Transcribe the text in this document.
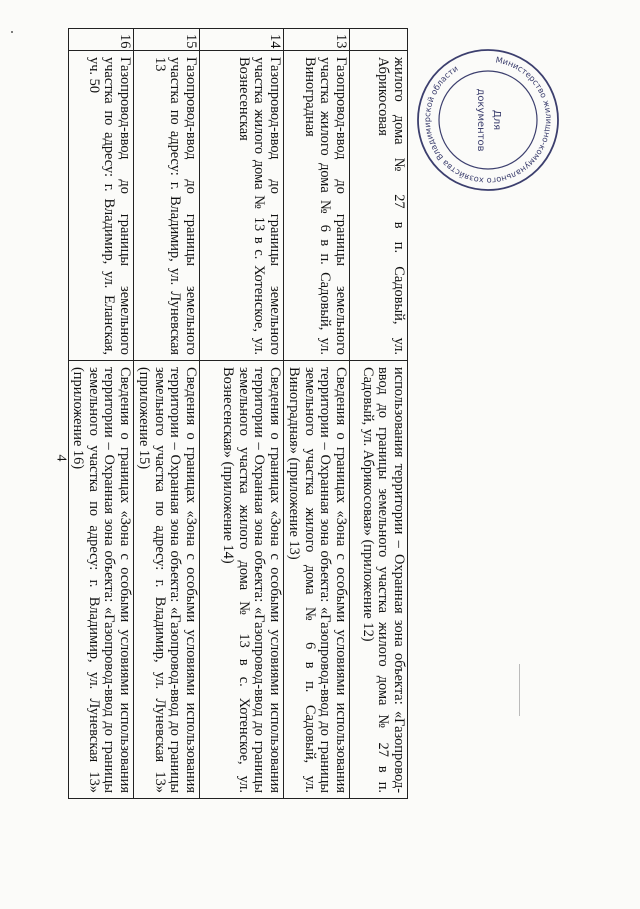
	жилого дома № 27 в п. Садовый, ул. Абрикосовая	использования территории – Охранная зона объекта: «Газопровод-ввод до границы земельного участка жилого дома № 27 в п. Садовый, ул. Абрикосовая» (приложение 12)
13	Газопровод-ввод до границы земельного участка жилого дома № 6 в п. Садовый, ул. Виноградная	Сведения о границах «Зона с особыми условиями использования территории – Охранная зона объекта: «Газопровод-ввод до границы земельного участка жилого дома № 6 в п. Садовый, ул. Виноградная» (приложение 13)
14	Газопровод-ввод до границы земельного участка жилого дома № 13 в с. Хотенское, ул. Вознесенская	Сведения о границах «Зона с особыми условиями использования территории – Охранная зона объекта: «Газопровод-ввод до границы земельного участка жилого дома № 13 в с. Хотенское, ул. Вознесенская» (приложение 14)
15	Газопровод-ввод до границы земельного участка по адресу: г. Владимир, ул. Луневская 13	Сведения о границах «Зона с особыми условиями использования территории – Охранная зона объекта: «Газопровод-ввод до границы земельного участка по адресу: г. Владимир, ул. Луневская 13» (приложение 15)
16	Газопровод-ввод до границы земельного участка по адресу: г. Владимир, ул. Еланская, уч. 50	Сведения о границах «Зона с особыми условиями использования территории – Охранная зона объекта: «Газопровод-ввод до границы земельного участка по адресу: г. Владимир, ул. Луневская 13» (приложение 16)
4
Министерство жилищно-коммунального хозяйства Владимирской области
Для
документов
